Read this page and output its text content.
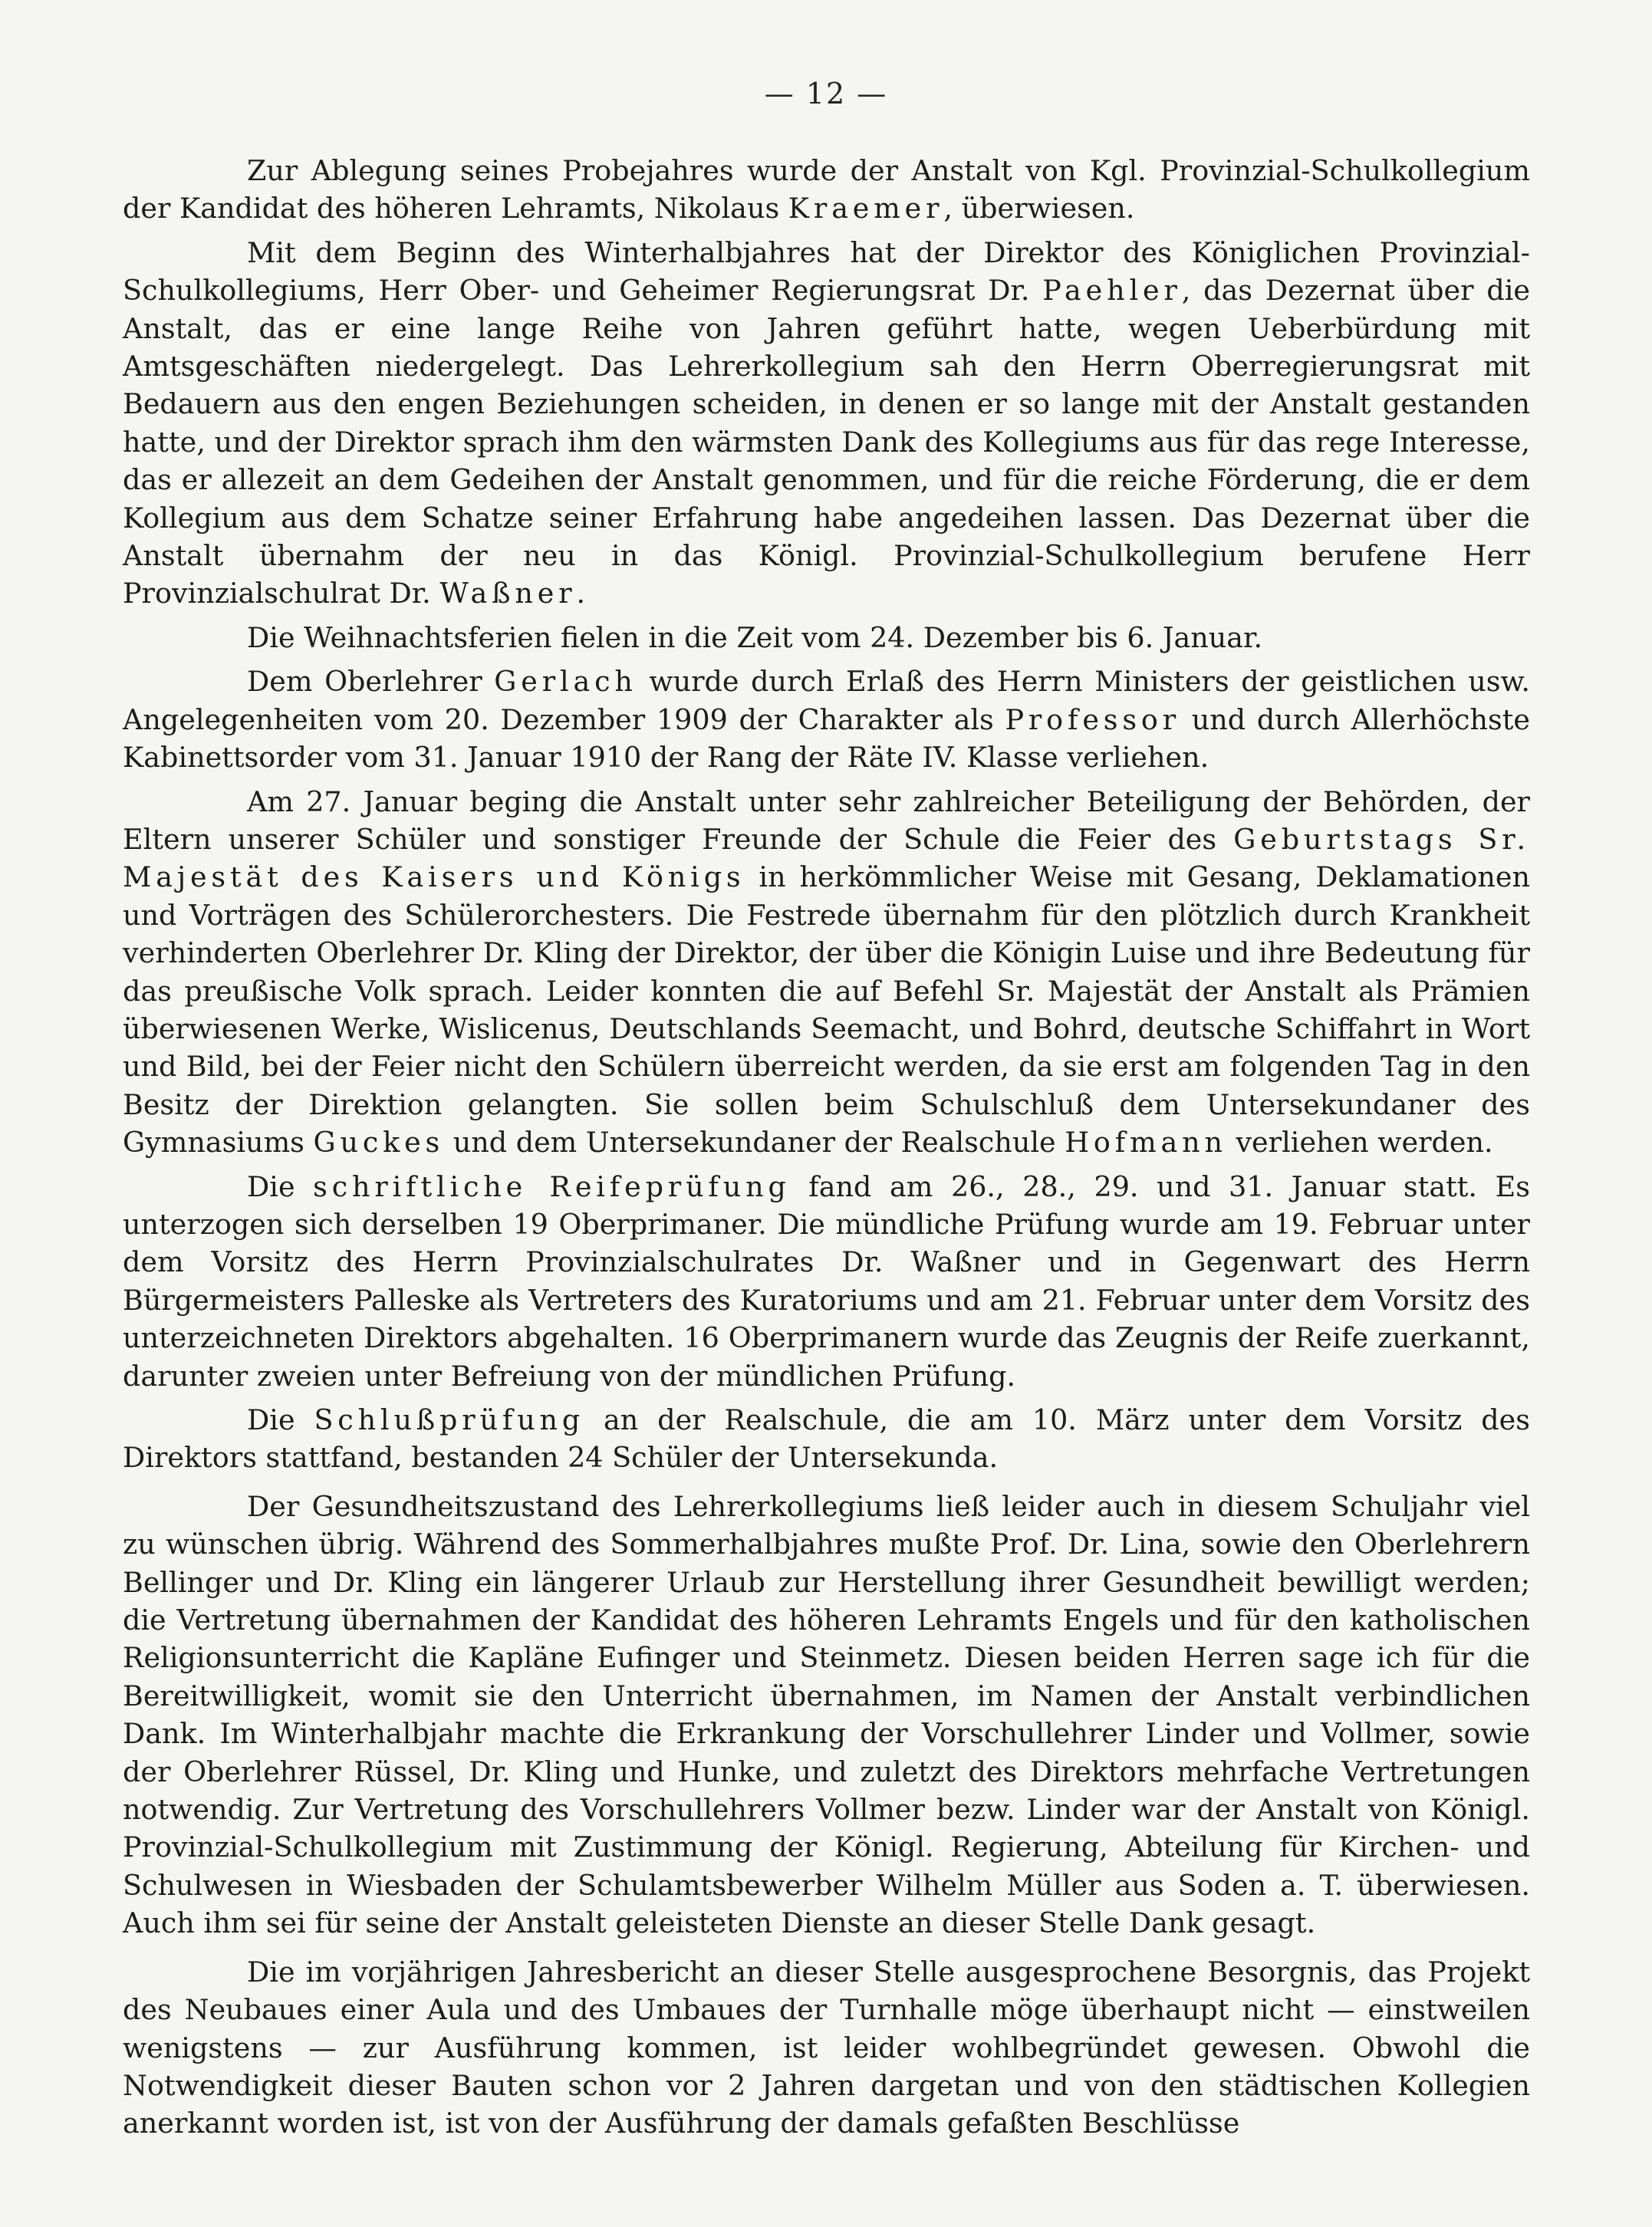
— 12 —

Zur Ablegung seines Probejahres wurde der Anstalt von Kgl. Provinzial-Schulkollegium der Kandidat des höheren Lehramts, Nikolaus Kraemer, überwiesen.

Mit dem Beginn des Winterhalbjahres hat der Direktor des Königlichen Provinzial-Schulkollegiums, Herr Ober- und Geheimer Regierungsrat Dr. Paehler, das Dezernat über die Anstalt, das er eine lange Reihe von Jahren geführt hatte, wegen Ueberbürdung mit Amtsgeschäften niedergelegt. Das Lehrerkollegium sah den Herrn Oberregierungsrat mit Bedauern aus den engen Beziehungen scheiden, in denen er so lange mit der Anstalt gestanden hatte, und der Direktor sprach ihm den wärmsten Dank des Kollegiums aus für das rege Interesse, das er allezeit an dem Gedeihen der Anstalt genommen, und für die reiche Förderung, die er dem Kollegium aus dem Schatze seiner Erfahrung habe angedeihen lassen. Das Dezernat über die Anstalt übernahm der neu in das Königl. Provinzial-Schulkollegium berufene Herr Provinzialschulrat Dr. Waßner.

Die Weihnachtsferien fielen in die Zeit vom 24. Dezember bis 6. Januar.

Dem Oberlehrer Gerlach wurde durch Erlaß des Herrn Ministers der geistlichen usw. Angelegenheiten vom 20. Dezember 1909 der Charakter als Professor und durch Allerhöchste Kabinettsorder vom 31. Januar 1910 der Rang der Räte IV. Klasse verliehen.

Am 27. Januar beging die Anstalt unter sehr zahlreicher Beteiligung der Behörden, der Eltern unserer Schüler und sonstiger Freunde der Schule die Feier des Geburtstags Sr. Majestät des Kaisers und Königs in herkömmlicher Weise mit Gesang, Deklamationen und Vorträgen des Schülerorchesters. Die Festrede übernahm für den plötzlich durch Krankheit verhinderten Oberlehrer Dr. Kling der Direktor, der über die Königin Luise und ihre Bedeutung für das preußische Volk sprach. Leider konnten die auf Befehl Sr. Majestät der Anstalt als Prämien überwiesenen Werke, Wislicenus, Deutschlands Seemacht, und Bohrd, deutsche Schiffahrt in Wort und Bild, bei der Feier nicht den Schülern überreicht werden, da sie erst am folgenden Tag in den Besitz der Direktion gelangten. Sie sollen beim Schulschluß dem Untersekundaner des Gymnasiums Guckes und dem Untersekundaner der Realschule Hofmann verliehen werden.

Die schriftliche Reifeprüfung fand am 26., 28., 29. und 31. Januar statt. Es unterzogen sich derselben 19 Oberprimaner. Die mündliche Prüfung wurde am 19. Februar unter dem Vorsitz des Herrn Provinzialschulrates Dr. Waßner und in Gegenwart des Herrn Bürgermeisters Palleske als Vertreters des Kuratoriums und am 21. Februar unter dem Vorsitz des unterzeichneten Direktors abgehalten. 16 Oberprimanern wurde das Zeugnis der Reife zuerkannt, darunter zweien unter Befreiung von der mündlichen Prüfung.

Die Schlußprüfung an der Realschule, die am 10. März unter dem Vorsitz des Direktors stattfand, bestanden 24 Schüler der Untersekunda.

Der Gesundheitszustand des Lehrerkollegiums ließ leider auch in diesem Schuljahr viel zu wünschen übrig. Während des Sommerhalbjahres mußte Prof. Dr. Lina, sowie den Oberlehrern Bellinger und Dr. Kling ein längerer Urlaub zur Herstellung ihrer Gesundheit bewilligt werden; die Vertretung übernahmen der Kandidat des höheren Lehramts Engels und für den katholischen Religionsunterricht die Kapläne Eufinger und Steinmetz. Diesen beiden Herren sage ich für die Bereitwilligkeit, womit sie den Unterricht übernahmen, im Namen der Anstalt verbindlichen Dank. Im Winterhalbjahr machte die Erkrankung der Vorschullehrer Linder und Vollmer, sowie der Oberlehrer Rüssel, Dr. Kling und Hunke, und zuletzt des Direktors mehrfache Vertretungen notwendig. Zur Vertretung des Vorschullehrers Vollmer bezw. Linder war der Anstalt von Königl. Provinzial-Schulkollegium mit Zustimmung der Königl. Regierung, Abteilung für Kirchen- und Schulwesen in Wiesbaden der Schulamtsbewerber Wilhelm Müller aus Soden a. T. überwiesen. Auch ihm sei für seine der Anstalt geleisteten Dienste an dieser Stelle Dank gesagt.

Die im vorjährigen Jahresbericht an dieser Stelle ausgesprochene Besorgnis, das Projekt des Neubaues einer Aula und des Umbaues der Turnhalle möge überhaupt nicht — einstweilen wenigstens — zur Ausführung kommen, ist leider wohlbegründet gewesen. Obwohl die Notwendigkeit dieser Bauten schon vor 2 Jahren dargetan und von den städtischen Kollegien anerkannt worden ist, ist von der Ausführung der damals gefaßten Beschlüsse
